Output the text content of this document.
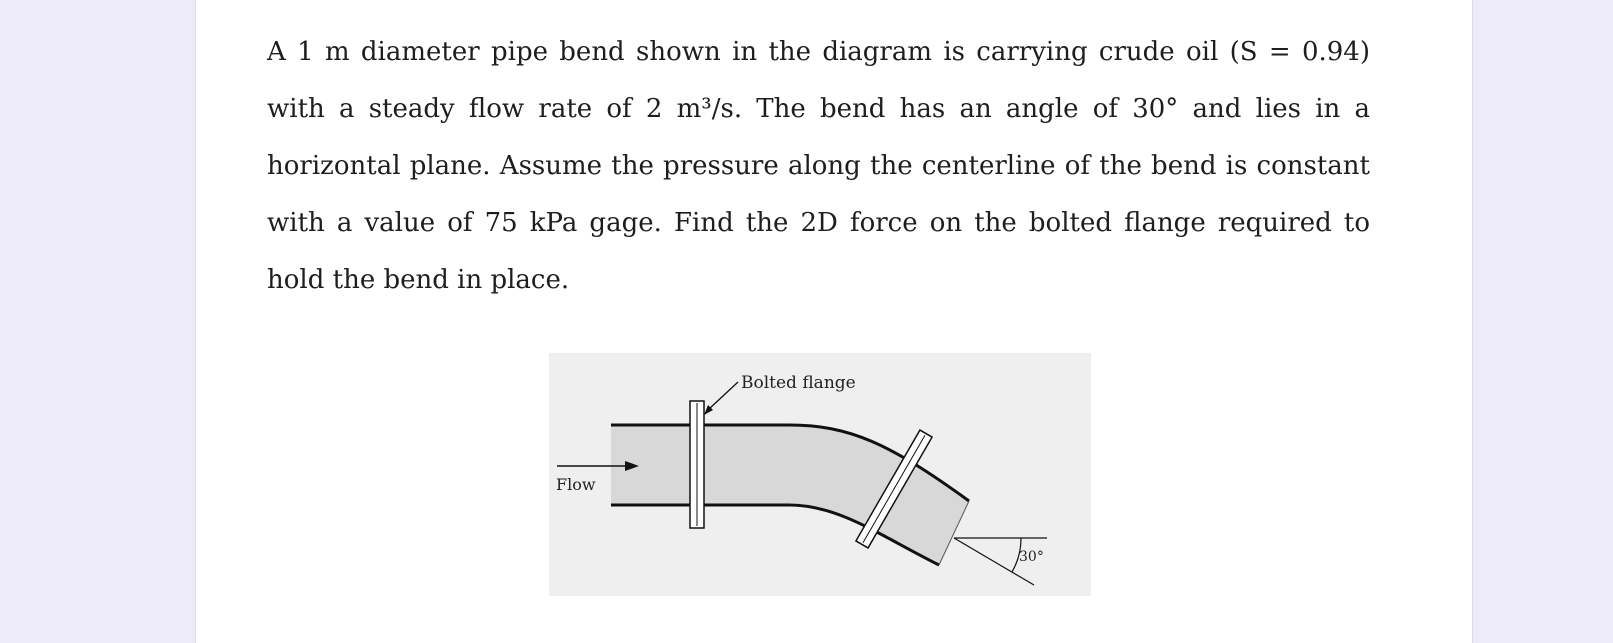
A 1 m diameter pipe bend shown in the diagram is carrying crude oil (S = 0.94) with a steady flow rate of 2 m³/s. The bend has an angle of 30° and lies in a horizontal plane. Assume the pressure along the centerline of the bend is constant with a value of 75 kPa gage. Find the 2D force on the bolted flange required to hold the bend in place.

Bolted flange
Flow
30°
